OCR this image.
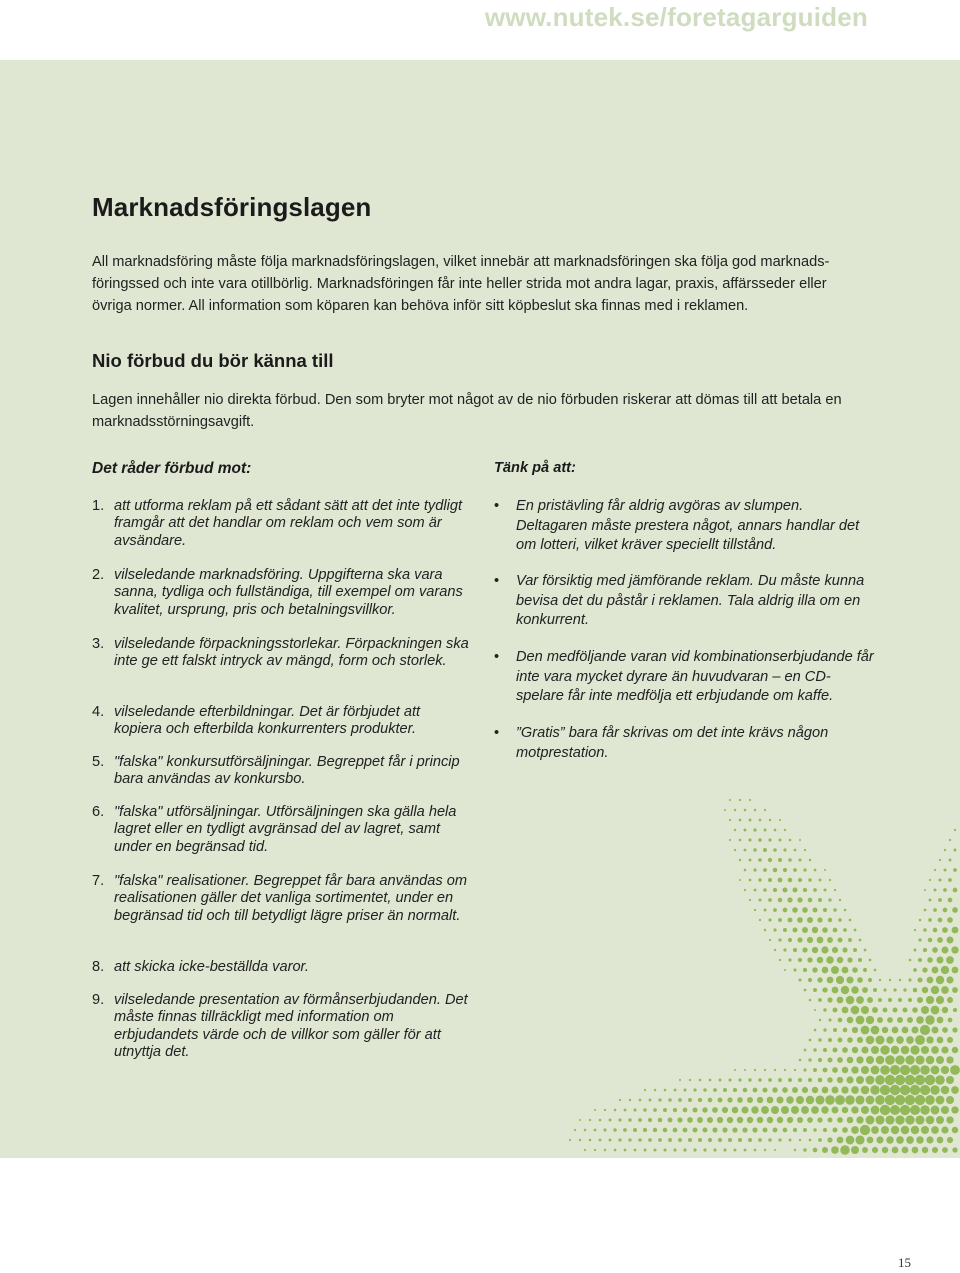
www.nutek.se/foretagarguiden
Marknadsföringslagen

All marknadsföring måste följa marknadsföringslagen, vilket innebär att marknadsföringen ska följa god marknads-föringssed och inte vara otillbörlig. Marknadsföringen får inte heller strida mot andra lagar, praxis, affärsseder eller övriga normer. All information som köparen kan behöva inför sitt köpbeslut ska finnas med i reklamen.

Nio förbud du bör känna till

Lagen innehåller nio direkta förbud. Den som bryter mot något av de nio förbuden riskerar att dömas till att betala en marknadsstörningsavgift.

Det råder förbud mot:
1. att utforma reklam på ett sådant sätt att det inte tydligt framgår att det handlar om reklam och vem som är avsändare.
2. vilseledande marknadsföring. Uppgifterna ska vara sanna, tydliga och fullständiga, till exempel om varans kvalitet, ursprung, pris och betalningsvillkor.
3. vilseledande förpackningsstorlekar. Förpackningen ska inte ge ett falskt intryck av mängd, form och storlek.
4. vilseledande efterbildningar. Det är förbjudet att kopiera och efterbilda konkurrenters produkter.
5. "falska" konkursutförsäljningar. Begreppet får i princip bara användas av konkursbo.
6. "falska" utförsäljningar. Utförsäljningen ska gälla hela lagret eller en tydligt avgränsad del av lagret, samt under en begränsad tid.
7. "falska" realisationer. Begreppet får bara användas om realisationen gäller det vanliga sortimentet, under en begränsad tid och till betydligt lägre priser än normalt.
8. att skicka icke-beställda varor.
9. vilseledande presentation av förmånserbjudanden. Det måste finnas tillräckligt med information om erbjudandets värde och de villkor som gäller för att utnyttja det.
Tänk på att:
• En pristävling får aldrig avgöras av slumpen. Deltagaren måste prestera något, annars handlar det om lotteri, vilket kräver speciellt tillstånd.
• Var försiktig med jämförande reklam. Du måste kunna bevisa det du påstår i reklamen. Tala aldrig illa om en konkurrent.
• Den medföljande varan vid kombinationserbjudande får inte vara mycket dyrare än huvudvaran – en CD-spelare får inte medfölja ett erbjudande om kaffe.
• ”Gratis” bara får skrivas om det inte krävs någon motprestation.
15
